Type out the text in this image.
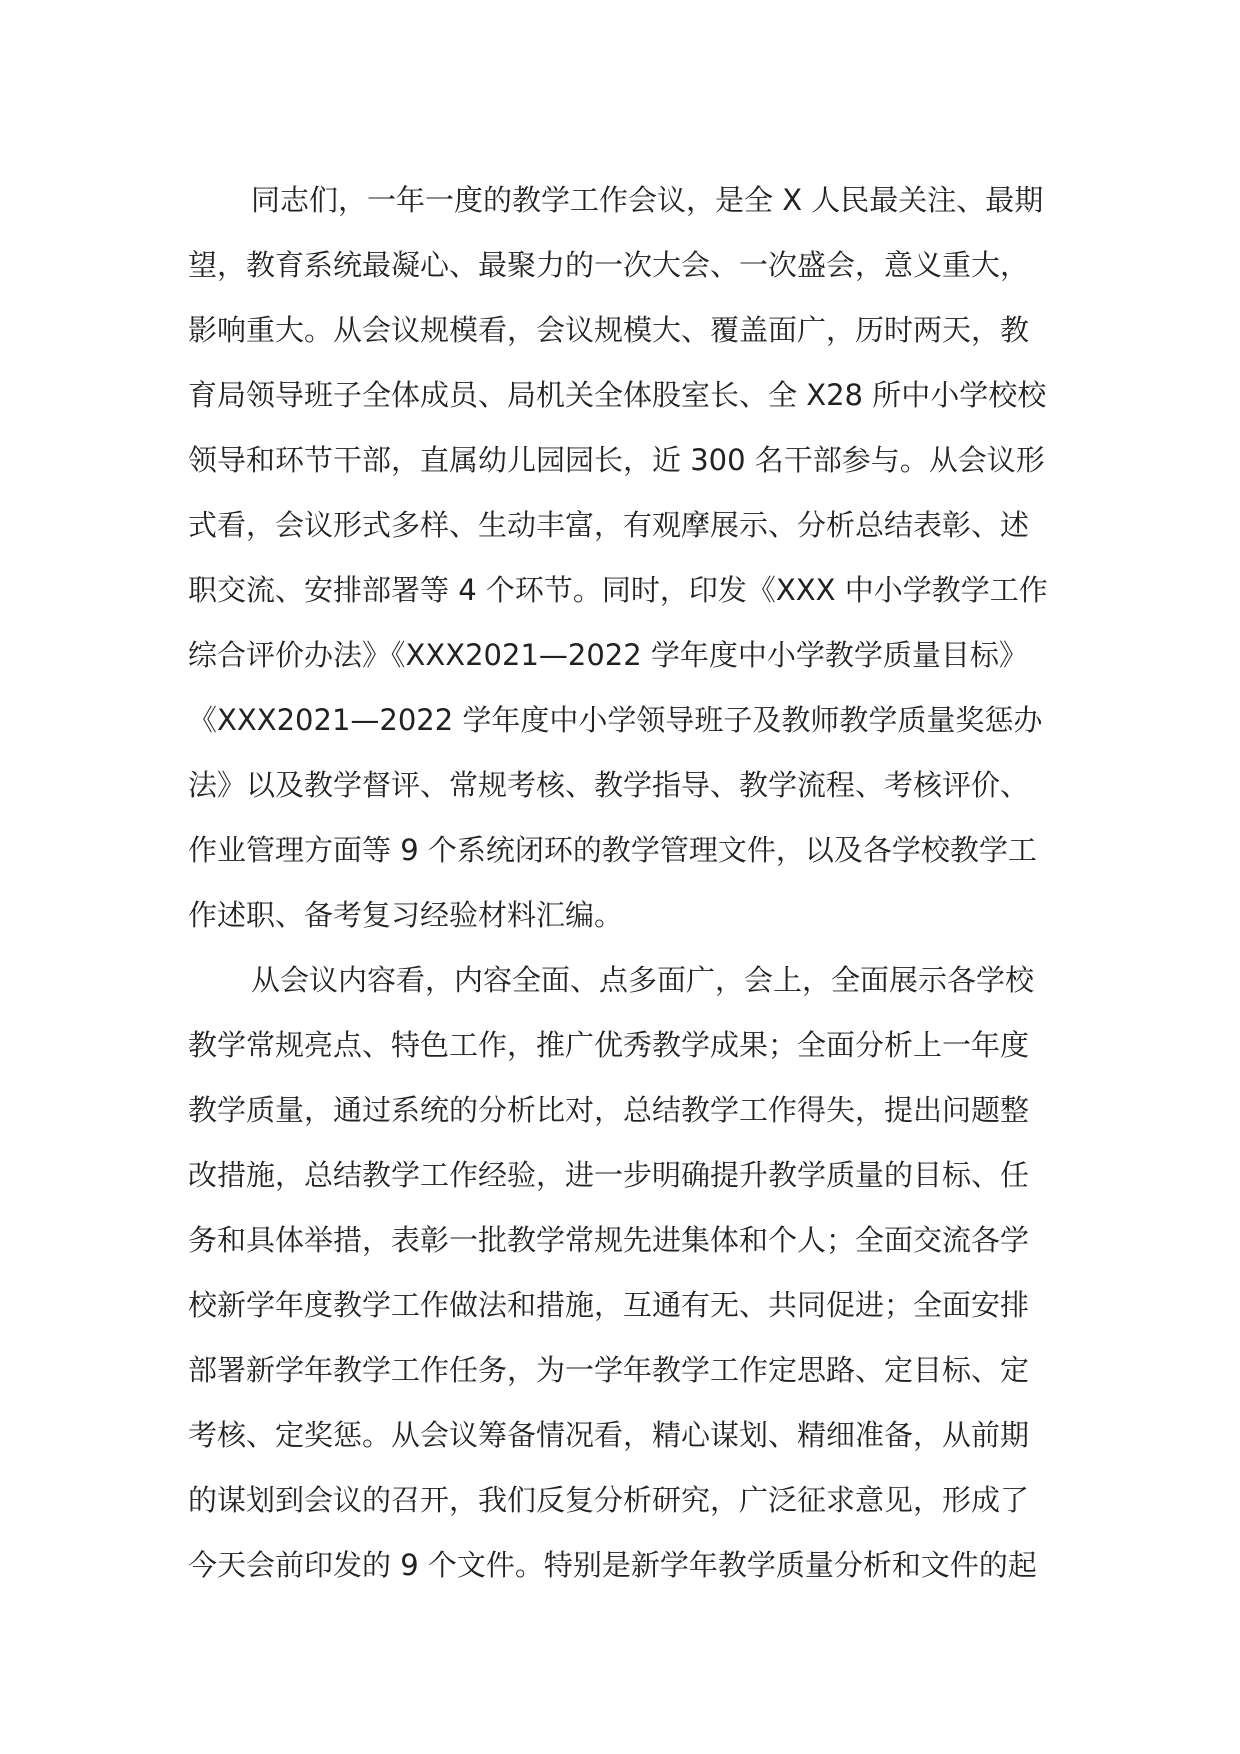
同志们，一年一度的教学工作会议，是全 X 人民最关注、最期
望，教育系统最凝心、最聚力的一次大会、一次盛会，意义重大，
影响重大。从会议规模看，会议规模大、覆盖面广，历时两天，教
育局领导班子全体成员、局机关全体股室长、全 X28 所中小学校校
领导和环节干部，直属幼儿园园长，近 300 名干部参与。从会议形
式看，会议形式多样、生动丰富，有观摩展示、分析总结表彰、述
职交流、安排部署等 4 个环节。同时，印发《XXX 中小学教学工作
综合评价办法》《XXX2021—2022 学年度中小学教学质量目标》
《XXX2021—2022 学年度中小学领导班子及教师教学质量奖惩办
法》以及教学督评、常规考核、教学指导、教学流程、考核评价、
作业管理方面等 9 个系统闭环的教学管理文件，以及各学校教学工
作述职、备考复习经验材料汇编。
从会议内容看，内容全面、点多面广，会上，全面展示各学校
教学常规亮点、特色工作，推广优秀教学成果；全面分析上一年度
教学质量，通过系统的分析比对，总结教学工作得失，提出问题整
改措施，总结教学工作经验，进一步明确提升教学质量的目标、任
务和具体举措，表彰一批教学常规先进集体和个人；全面交流各学
校新学年度教学工作做法和措施，互通有无、共同促进；全面安排
部署新学年教学工作任务，为一学年教学工作定思路、定目标、定
考核、定奖惩。从会议筹备情况看，精心谋划、精细准备，从前期
的谋划到会议的召开，我们反复分析研究，广泛征求意见，形成了
今天会前印发的 9 个文件。特别是新学年教学质量分析和文件的起
